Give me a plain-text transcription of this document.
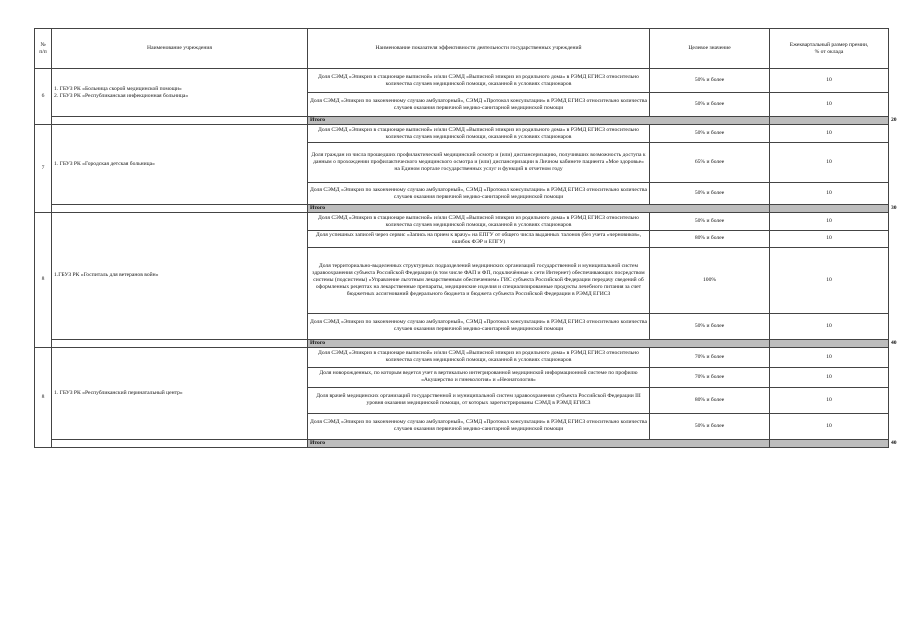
№
п/п	Наименование учреждения	Наименование показателя эффективности деятельности государственных учреждений	Целевое значение	Ежеквартальный размер премии,
% от оклада	
6	1. ГБУЗ РК «Больница скорой медицинской помощи»
2. ГБУЗ РК «Республиканская инфекционная больница»	Доля СЭМД «Эпикриз в стационаре выписной» и/или СЭМД «Выписной эпикриз из родильного дома» в РЭМД ЕГИСЗ относительно количества случаев медицинской помощи, оказанной в условиях стационаров	50% и более	10	
		Доля СЭМД «Эпикриз по законченному случаю амбулаторный», СЭМД «Протокол консультации» в РЭМД ЕГИСЗ относительно количества случаев оказания первичной медико-санитарной медицинской помощи	50% и более	10	
		Итого			20
7	1. ГБУЗ РК «Городская детская больница»	Доля СЭМД «Эпикриз в стационаре выписной» и/или СЭМД «Выписной эпикриз из родильного дома» в РЭМД ЕГИСЗ относительно количества случаев медицинской помощи, оказанной в условиях стационаров	50% и более	10	
		Доля граждан из числа прошедших профилактический медицинский осмотр и (или) диспансеризацию, получивших возможность доступа к данным о прохождении профилактического медицинского осмотра и (или) диспансеризации в Личном кабинете пациента «Мое здоровье» на Едином портале государственных услуг и функций в отчетном году	65% и более	10	
		Доля СЭМД «Эпикриз по законченному случаю амбулаторный», СЭМД «Протокол консультации» в РЭМД ЕГИСЗ относительно количества случаев оказания первичной медико-санитарной медицинской помощи	50% и более	10	
		Итого			30
8	1.ГБУЗ РК «Госпиталь для ветеранов войн»	Доля СЭМД «Эпикриз в стационаре выписной» и/или СЭМД «Выписной эпикриз из родильного дома» в РЭМД ЕГИСЗ относительно количества случаев медицинской помощи, оказанной в условиях стационаров	50% и более	10	
		Доля успешных записей через сервис «Запись на прием к врачу» на ЕПГУ от общего числа выданных талонов (без учета «черновиков», ошибок ФЭР и ЕПГУ)	80% и более	10	
		Доля территориально-выделенных структурных подразделений медицинских организаций государственной и муниципальной систем здравоохранения субъекта Российской Федерации (в том числе ФАП и ФП, подключённые к сети Интернет) обеспечивающих посредством системы (подсистемы) «Управление льготным лекарственным обеспечением» ГИС субъекта Российской Федерации передачу сведений об оформленных рецептах на лекарственные препараты, медицинские изделия и специализированные продукты лечебного питания за счет бюджетных ассигнований федерального бюджета и бюджета субъекта Российской Федерации в РЭМД ЕГИСЗ	100%	10	
		Доля СЭМД «Эпикриз по законченному случаю амбулаторный», СЭМД «Протокол консультации» в РЭМД ЕГИСЗ относительно количества случаев оказания первичной медико-санитарной медицинской помощи	50% и более	10	
		Итого			40
8	1. ГБУЗ РК «Республиканский перинатальный центр»	Доля СЭМД «Эпикриз в стационаре выписной» и/или СЭМД «Выписной эпикриз из родильного дома» в РЭМД ЕГИСЗ относительно количества случаев медицинской помощи, оказанной в условиях стационаров	70% и более	10	
		Доля новорожденных, по которым ведется учет в вертикально интегрированной медицинской информационной системе по профилю «Акушерство и гинекология» и «Неонатология»	70% и более	10	
		Доля врачей медицинских организаций государственной и муниципальной систем здравоохранения субъекта Российской Федерации III уровня оказания медицинской помощи, от которых зарегистрированы СЭМД в РЭМД ЕГИСЗ	80% и более	10	
		Доля СЭМД «Эпикриз по законченному случаю амбулаторный», СЭМД «Протокол консультации» в РЭМД ЕГИСЗ относительно количества случаев оказания первичной медико-санитарной медицинской помощи	50% и более	10	
		Итого			40
